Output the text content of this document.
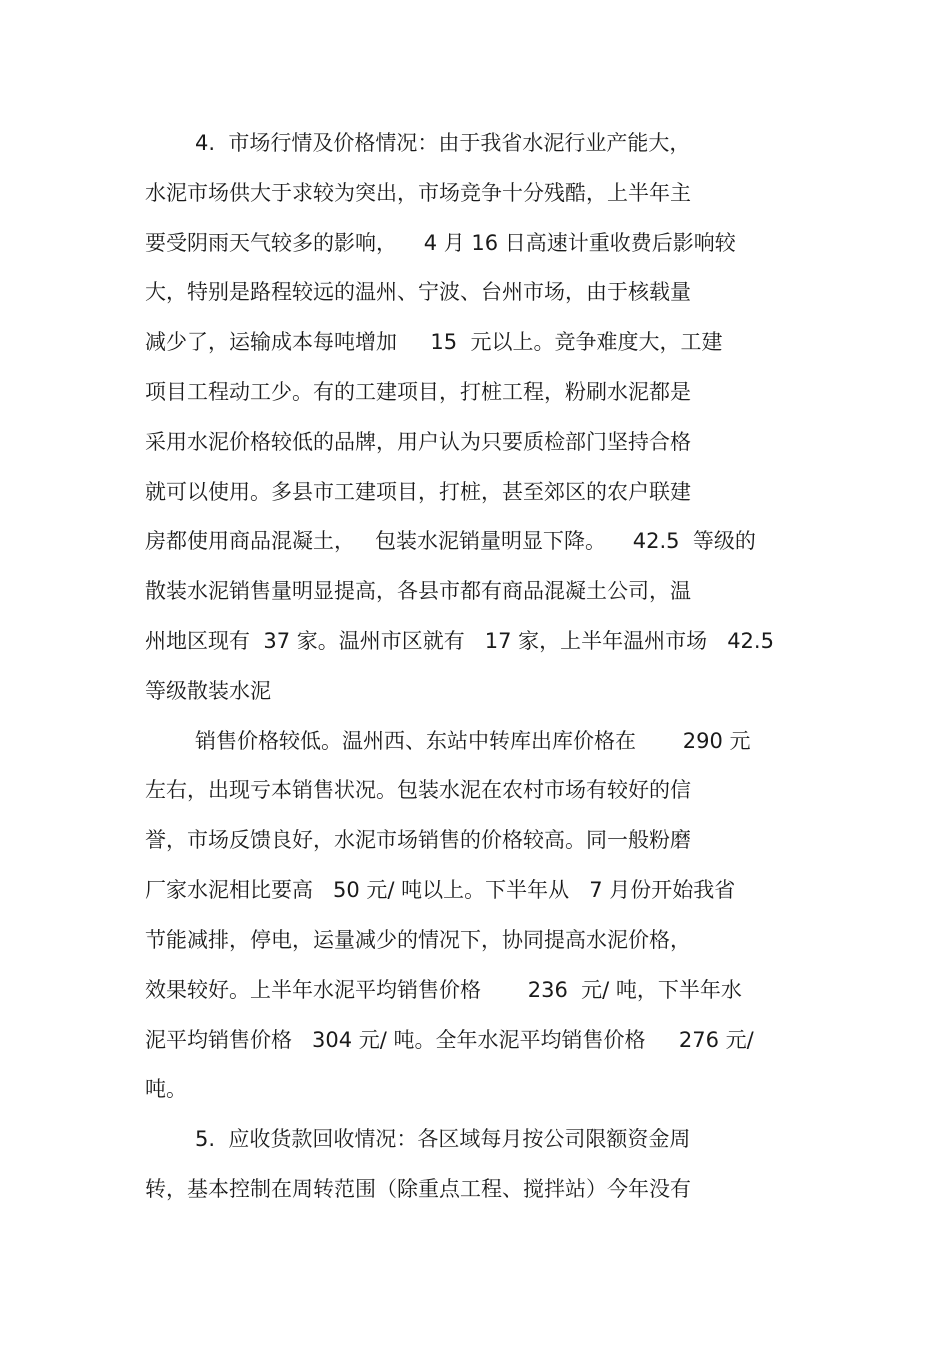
4.  市场行情及价格情况：由于我省水泥行业产能大，
水泥市场供大于求较为突出，市场竞争十分残酷，上半年主
要受阴雨天气较多的影响，    4 月 16 日高速计重收费后影响较
大，特别是路程较远的温州、宁波、台州市场，由于核载量
减少了，运输成本每吨增加     15  元以上。竞争难度大，工建
项目工程动工少。有的工建项目，打桩工程，粉刷水泥都是
采用水泥价格较低的品牌，用户认为只要质检部门坚持合格
就可以使用。多县市工建项目，打桩，甚至郊区的农户联建
房都使用商品混凝土，   包装水泥销量明显下降。    42.5  等级的
散装水泥销售量明显提高，各县市都有商品混凝土公司，温
州地区现有  37 家。温州市区就有   17 家，上半年温州市场   42.5
等级散装水泥
销售价格较低。温州西、东站中转库出库价格在       290 元
左右，出现亏本销售状况。包装水泥在农村市场有较好的信
誉，市场反馈良好，水泥市场销售的价格较高。同一般粉磨
厂家水泥相比要高   50 元/ 吨以上。下半年从   7 月份开始我省
节能减排，停电，运量减少的情况下，协同提高水泥价格，
效果较好。上半年水泥平均销售价格       236  元/ 吨，下半年水
泥平均销售价格   304 元/ 吨。全年水泥平均销售价格     276 元/
吨。
5.  应收货款回收情况：各区域每月按公司限额资金周
转，基本控制在周转范围（除重点工程、搅拌站）今年没有
